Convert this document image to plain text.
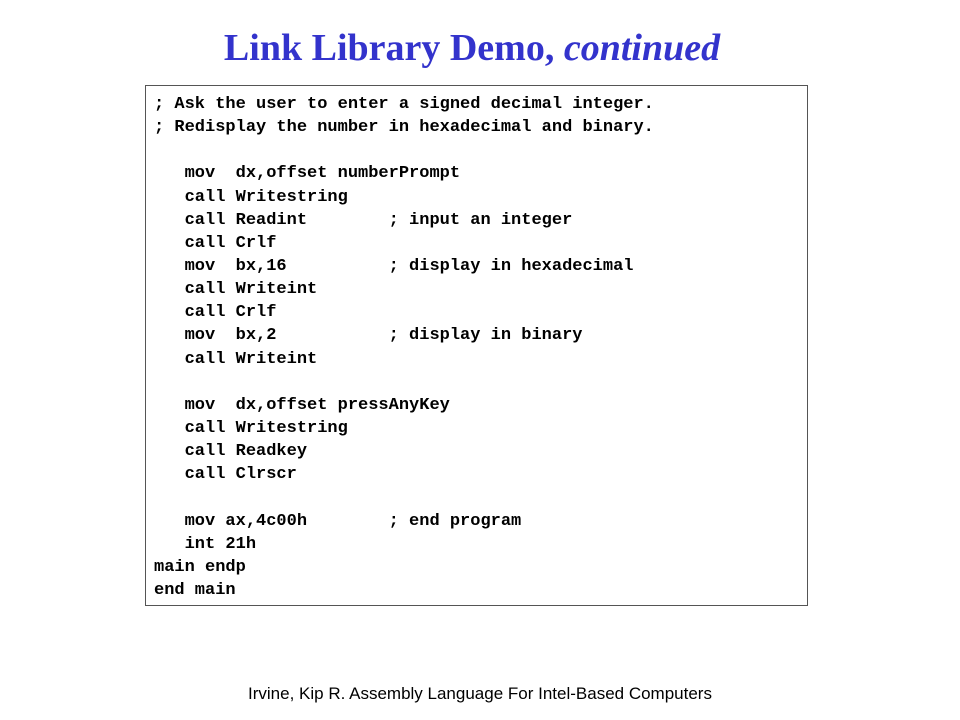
Link Library Demo, continued
; Ask the user to enter a signed decimal integer.
; Redisplay the number in hexadecimal and binary.
mov  dx,offset numberPrompt
call Writestring
call Readint        ; input an integer
call Crlf
mov  bx,16          ; display in hexadecimal
call Writeint
call Crlf
mov  bx,2           ; display in binary
call Writeint
mov  dx,offset pressAnyKey
call Writestring
call Readkey
call Clrscr
mov ax,4c00h        ; end program
int 21h
main endp
end main
Irvine, Kip R. Assembly Language For Intel-Based Computers
